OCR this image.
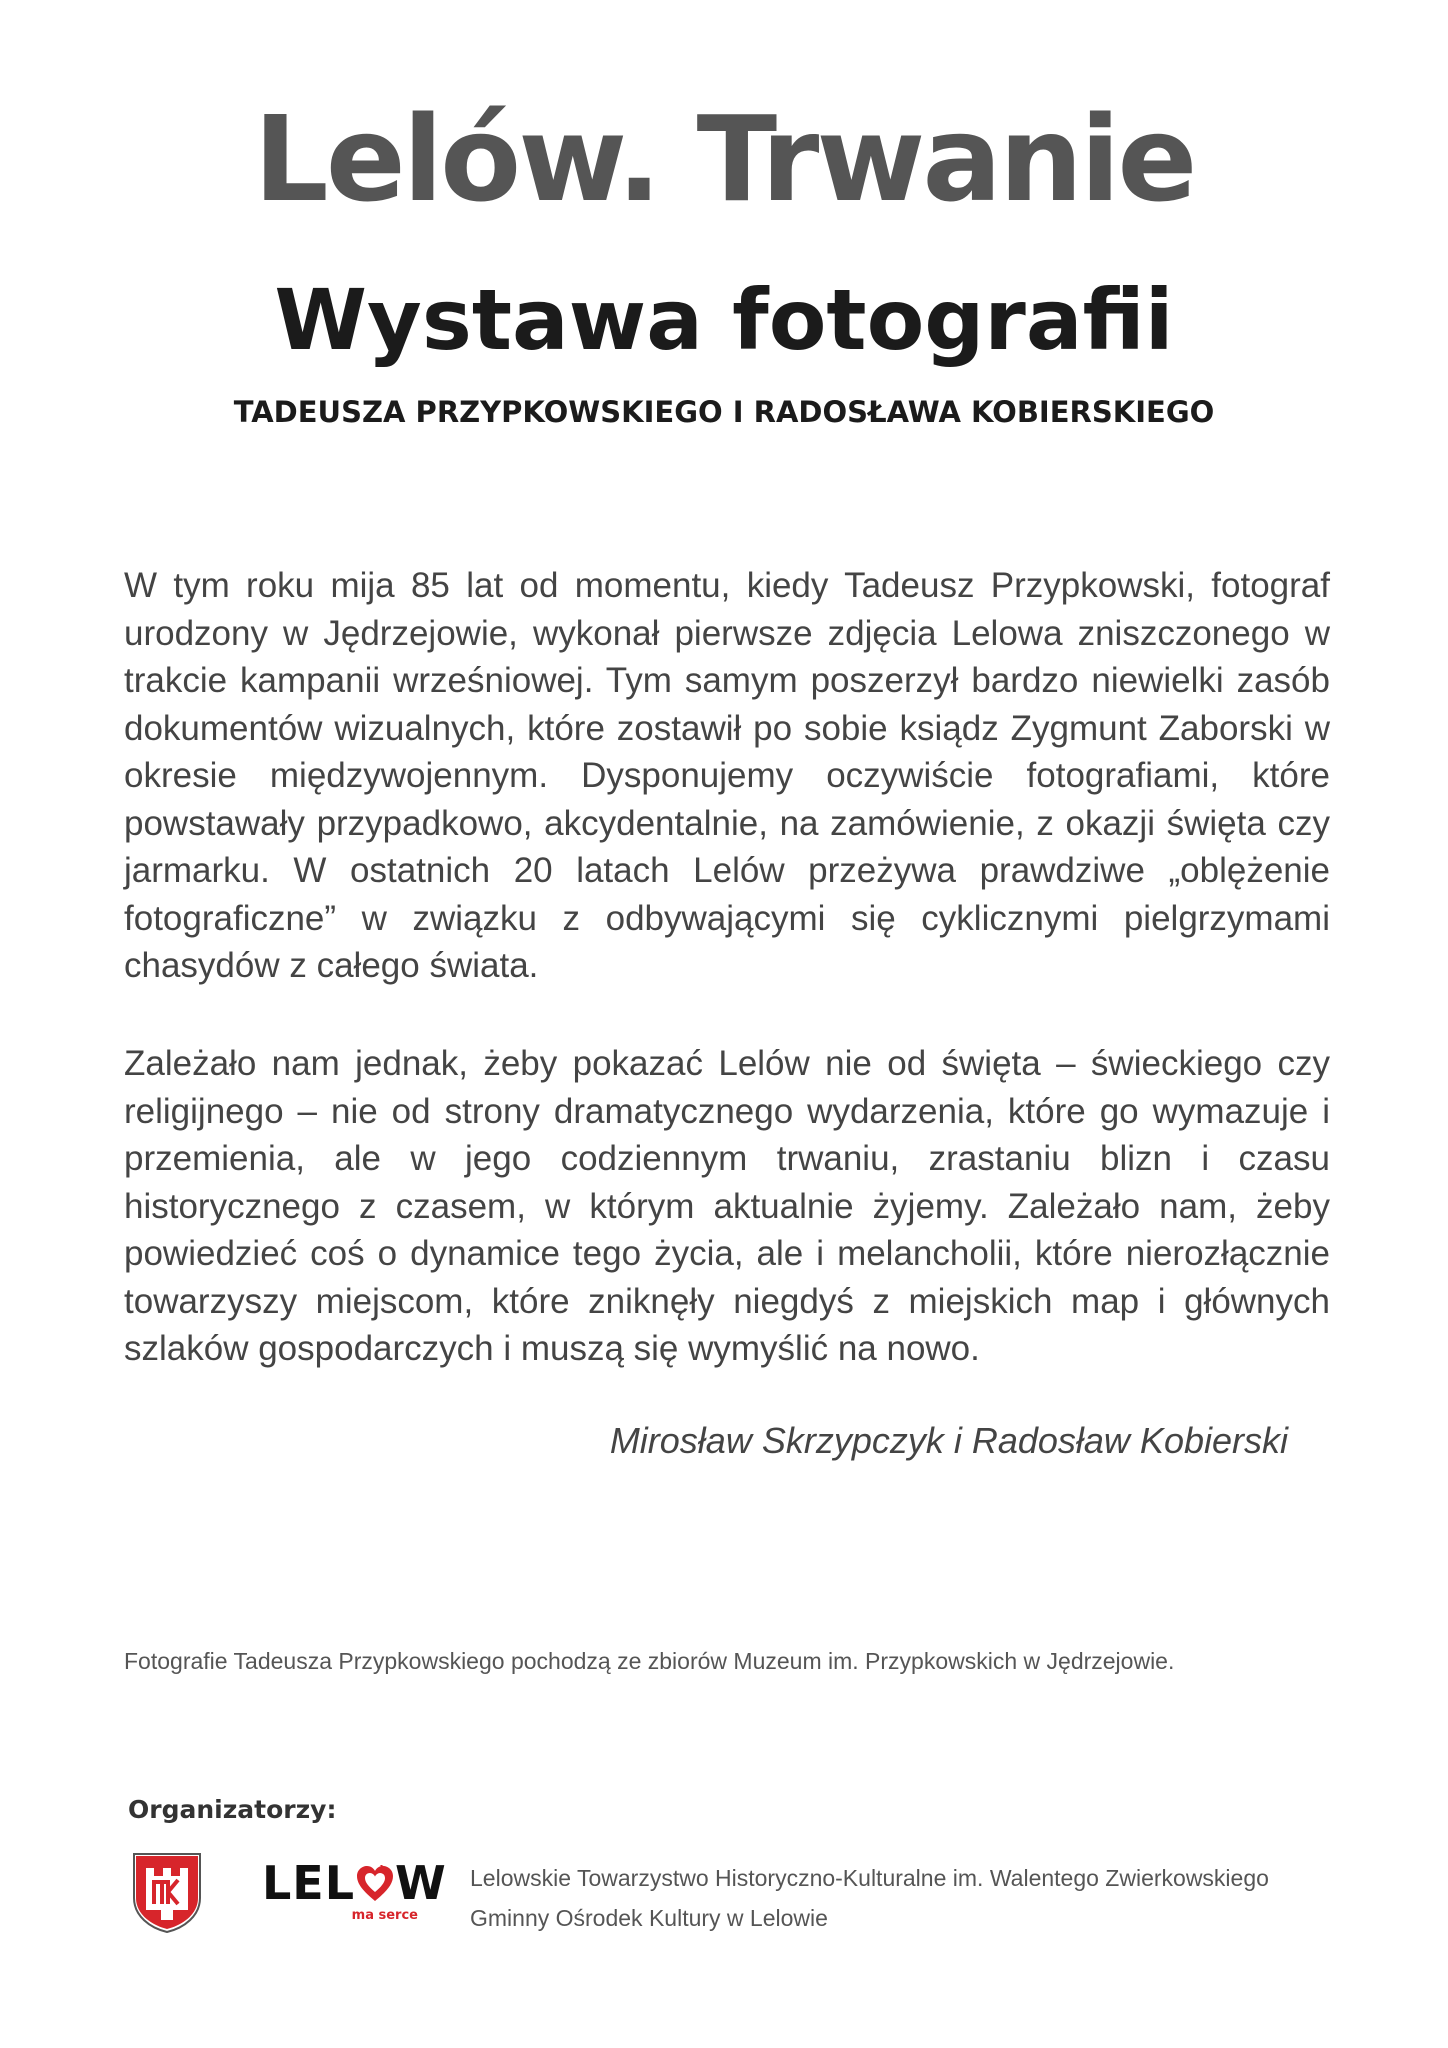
Lelów. Trwanie
Wystawa fotografii
TADEUSZA PRZYPKOWSKIEGO I RADOSŁAWA KOBIERSKIEGO

W tym roku mija 85 lat od momentu, kiedy Tadeusz Przypkowski, fotograf urodzony w Jędrzejowie, wykonał pierwsze zdjęcia Lelowa zniszczonego w trakcie kampanii wrześniowej. Tym samym poszerzył bardzo niewielki zasób dokumentów wizualnych, które zostawił po sobie ksiądz Zygmunt Zaborski w okresie międzywojennym. Dysponujemy oczywiście fotografiami, które powstawały przypadkowo, akcydentalnie, na zamówienie, z okazji święta czy jarmarku. W ostatnich 20 latach Lelów przeżywa prawdziwe „oblężenie fotograficzne” w związku z odbywającymi się cyklicznymi pielgrzymami chasydów z całego świata.

Zależało nam jednak, żeby pokazać Lelów nie od święta – świeckiego czy religijnego – nie od strony dramatycznego wydarzenia, które go wymazuje i przemienia, ale w jego codziennym trwaniu, zrastaniu blizn i czasu historycznego z czasem, w którym aktualnie żyjemy. Zależało nam, żeby powiedzieć coś o dynamice tego życia, ale i melancholii, które nierozłącznie towarzyszy miejscom, które zniknęły niegdyś z miejskich map i głównych szlaków gospodarczych i muszą się wymyślić na nowo.

Mirosław Skrzypczyk i Radosław Kobierski
Fotografie Tadeusza Przypkowskiego pochodzą ze zbiorów Muzeum im. Przypkowskich w Jędrzejowie.
Organizatorzy:
LEL W
ma serce
Lelowskie Towarzystwo Historyczno-Kulturalne im. Walentego Zwierkowskiego
Gminny Ośrodek Kultury w Lelowie
